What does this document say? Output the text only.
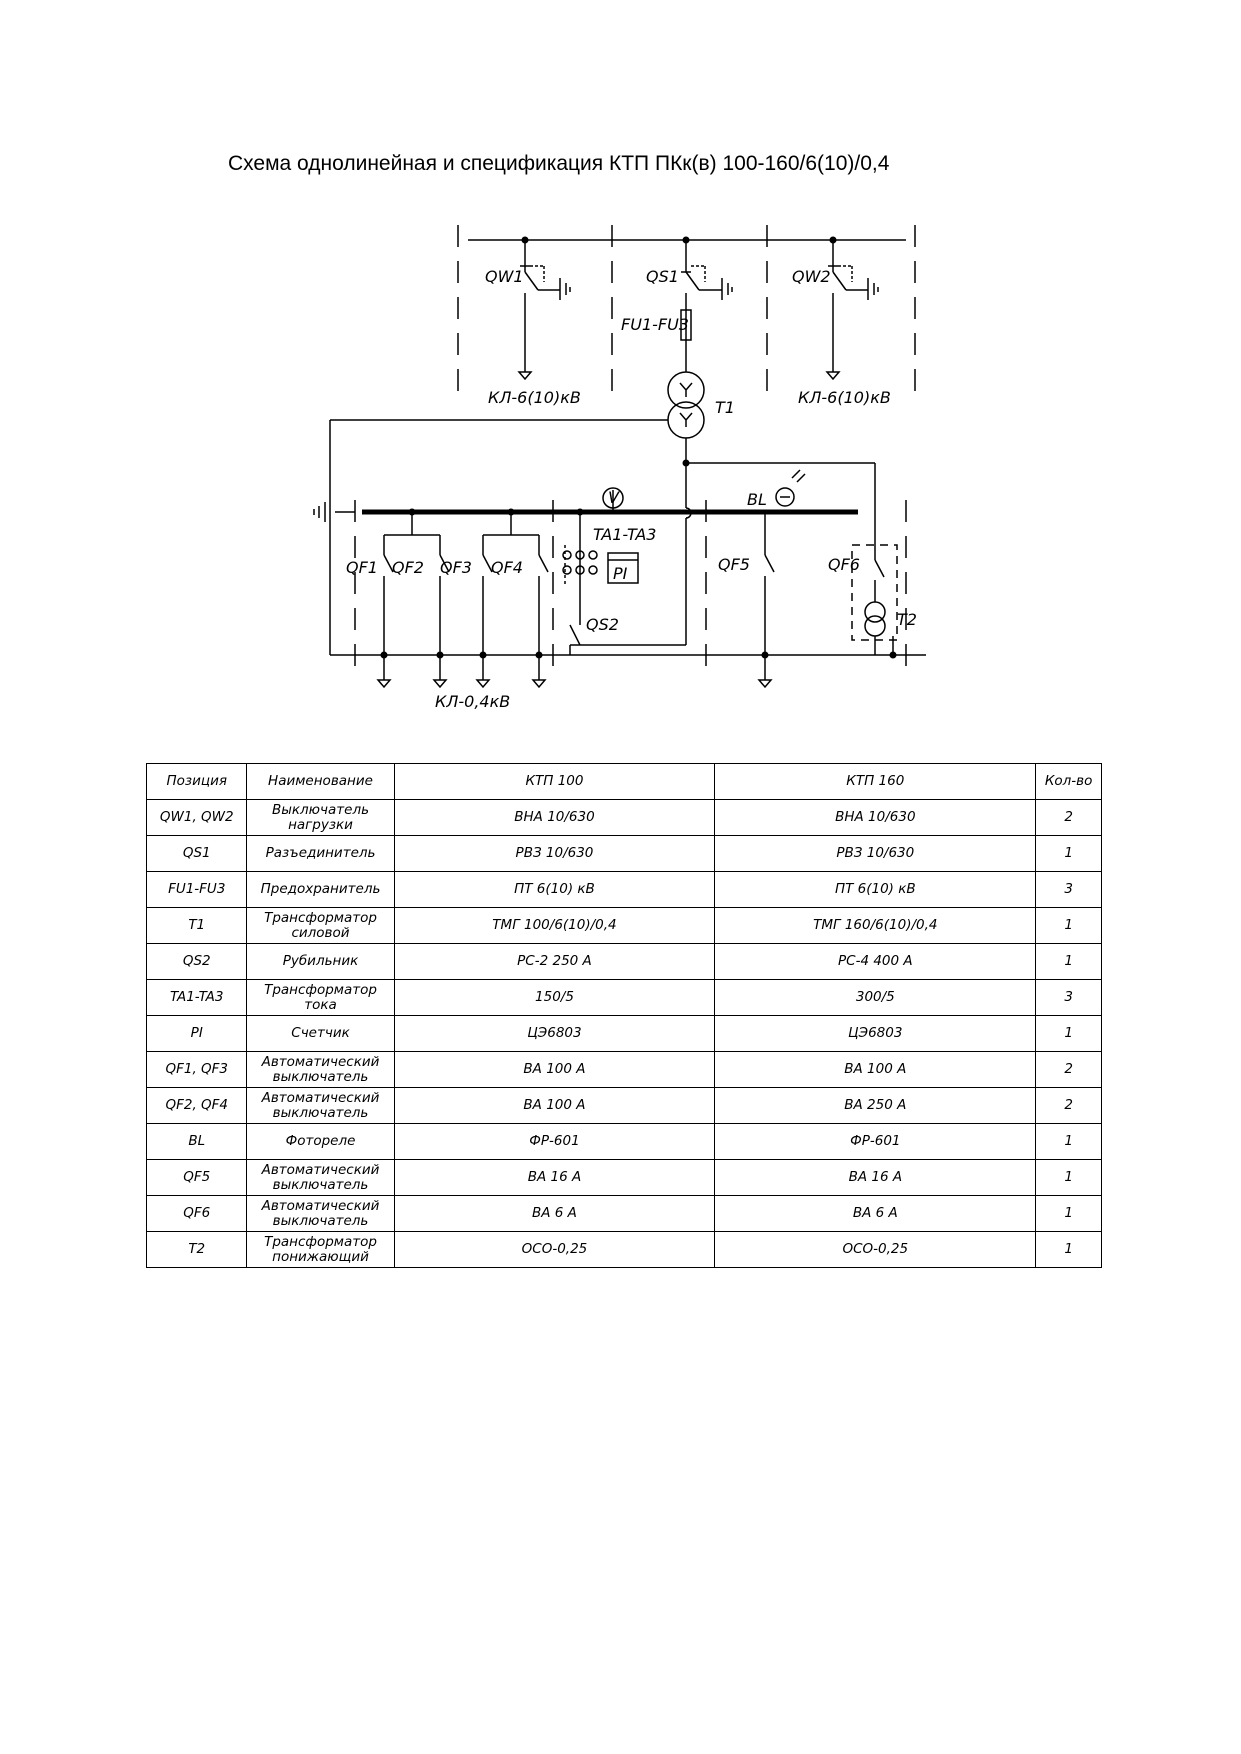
Схема однолинейная и спецификация КТП ПКк(в) 100-160/6(10)/0,4
QW1	QS1	QW2
FU1-FU3
КЛ-6(10)кВ	КЛ-6(10)кВ
T1
V	BL
TA1-TA3
PI
QF1 QF2 QF3 QF4	QF5	QF6
QS2	T2
КЛ-0,4кВ
Позиция	Наименование	КТП 100	КТП 160	Кол-во
QW1, QW2	Выключатель нагрузки	ВНА 10/630	ВНА 10/630	2
QS1	Разъединитель	РВЗ 10/630	РВЗ 10/630	1
FU1-FU3	Предохранитель	ПТ 6(10) кВ	ПТ 6(10) кВ	3
T1	Трансформатор силовой	ТМГ 100/6(10)/0,4	ТМГ 160/6(10)/0,4	1
QS2	Рубильник	РС-2 250 А	РС-4 400 А	1
TA1-TA3	Трансформатор тока	150/5	300/5	3
PI	Счетчик	ЦЭ6803	ЦЭ6803	1
QF1, QF3	Автоматический выключатель	ВА 100 А	ВА 100 А	2
QF2, QF4	Автоматический выключатель	ВА 100 А	ВА 250 А	2
BL	Фотореле	ФР-601	ФР-601	1
QF5	Автоматический выключатель	ВА 16 А	ВА 16 А	1
QF6	Автоматический выключатель	ВА 6 А	ВА 6 А	1
T2	Трансформатор понижающий	ОСО-0,25	ОСО-0,25	1
